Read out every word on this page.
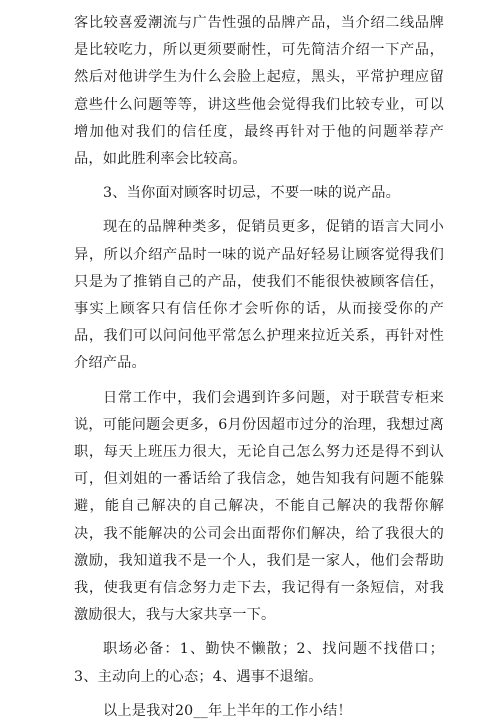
客比较喜爱潮流与广告性强的品牌产品，当介绍二线品牌是比较吃力，所以更须要耐性，可先简洁介绍一下产品，然后对他讲学生为什么会脸上起痘，黑头，平常护理应留意些什么问题等等，讲这些他会觉得我们比较专业，可以增加他对我们的信任度，最终再针对于他的问题举荐产品，如此胜利率会比较高。

3、当你面对顾客时切忌，不要一味的说产品。

现在的品牌种类多，促销员更多，促销的语言大同小异，所以介绍产品时一味的说产品好轻易让顾客觉得我们只是为了推销自己的产品，使我们不能很快被顾客信任，事实上顾客只有信任你才会听你的话，从而接受你的产品，我们可以问问他平常怎么护理来拉近关系，再针对性介绍产品。

日常工作中，我们会遇到许多问题，对于联营专柜来说，可能问题会更多，6月份因超市过分的治理，我想过离职，每天上班压力很大，无论自己怎么努力还是得不到认可，但刘姐的一番话给了我信念，她告知我有问题不能躲避，能自己解决的自己解决，不能自己解决的我帮你解决，我不能解决的公司会出面帮你们解决，给了我很大的激励，我知道我不是一个人，我们是一家人，他们会帮助我，使我更有信念努力走下去，我记得有一条短信，对我激励很大，我与大家共享一下。

职场必备：1、勤快不懒散；2、找问题不找借口；3、主动向上的心态；4、遇事不退缩。

以上是我对20__年上半年的工作小结！
